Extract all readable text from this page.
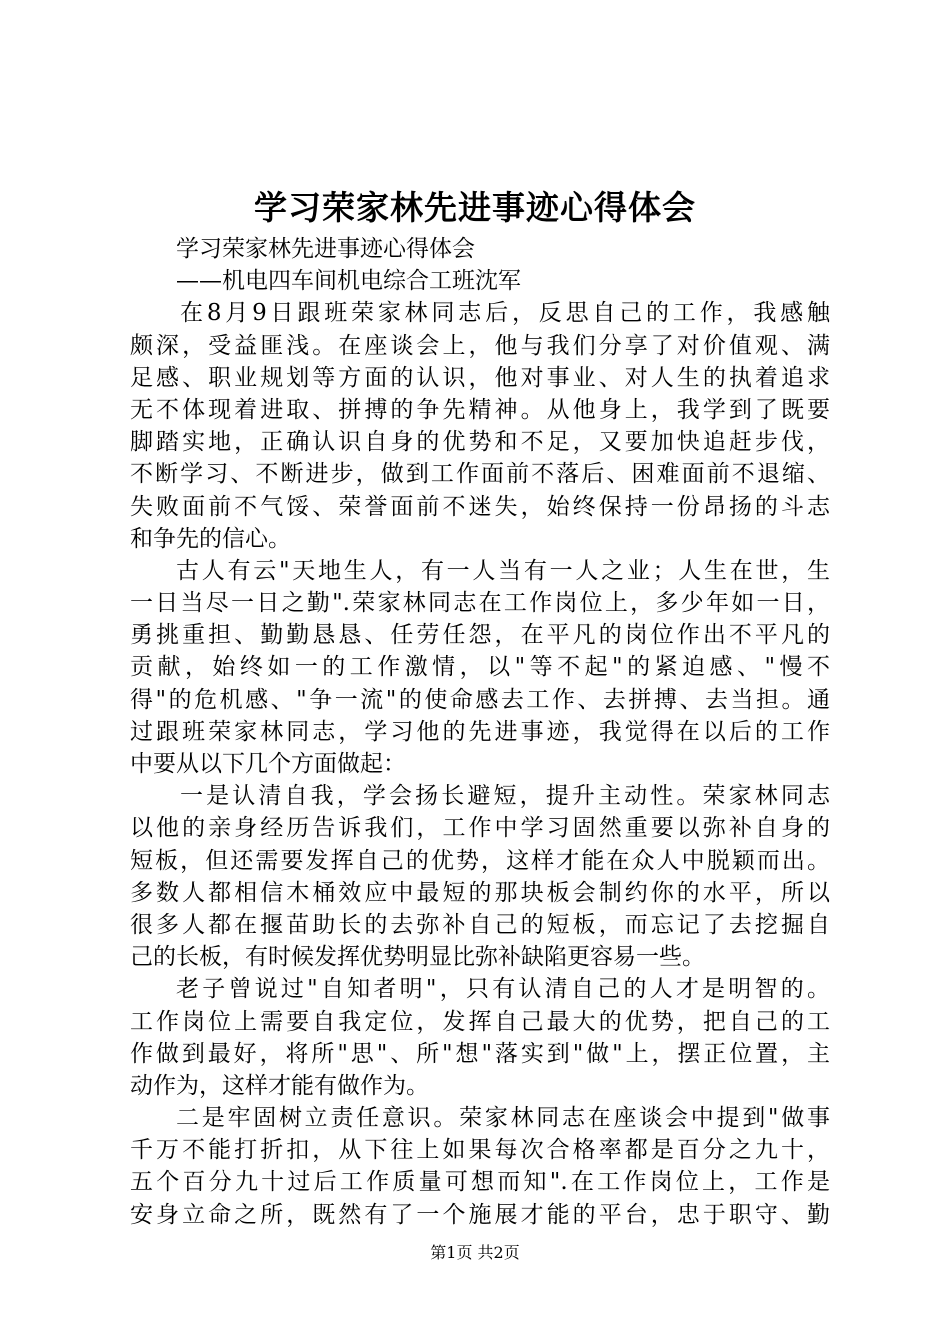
学习荣家林先进事迹心得体会

学习荣家林先进事迹心得体会

——机电四车间机电综合工班沈军

在8月9日跟班荣家林同志后，反思自己的工作，我感触

颇深，受益匪浅。在座谈会上，他与我们分享了对价值观、满

足感、职业规划等方面的认识，他对事业、对人生的执着追求

无不体现着进取、拼搏的争先精神。从他身上，我学到了既要

脚踏实地，正确认识自身的优势和不足，又要加快追赶步伐，

不断学习、不断进步，做到工作面前不落后、困难面前不退缩、

失败面前不气馁、荣誉面前不迷失，始终保持一份昂扬的斗志

和争先的信心。

古人有云"天地生人，有一人当有一人之业；人生在世，生

一日当尽一日之勤".荣家林同志在工作岗位上，多少年如一日，

勇挑重担、勤勤恳恳、任劳任怨，在平凡的岗位作出不平凡的

贡献，始终如一的工作激情，以"等不起"的紧迫感、"慢不

得"的危机感、"争一流"的使命感去工作、去拼搏、去当担。通

过跟班荣家林同志，学习他的先进事迹，我觉得在以后的工作

中要从以下几个方面做起：

一是认清自我，学会扬长避短，提升主动性。荣家林同志

以他的亲身经历告诉我们，工作中学习固然重要以弥补自身的

短板，但还需要发挥自己的优势，这样才能在众人中脱颖而出。

多数人都相信木桶效应中最短的那块板会制约你的水平，所以

很多人都在揠苗助长的去弥补自己的短板，而忘记了去挖掘自

己的长板，有时候发挥优势明显比弥补缺陷更容易一些。

老子曾说过"自知者明"，只有认清自己的人才是明智的。

工作岗位上需要自我定位，发挥自己最大的优势，把自己的工

作做到最好，将所"思"、所"想"落实到"做"上，摆正位置，主

动作为，这样才能有做作为。

二是牢固树立责任意识。荣家林同志在座谈会中提到"做事

千万不能打折扣，从下往上如果每次合格率都是百分之九十，

五个百分九十过后工作质量可想而知".在工作岗位上，工作是

安身立命之所，既然有了一个施展才能的平台，忠于职守、勤

第1页 共2页
